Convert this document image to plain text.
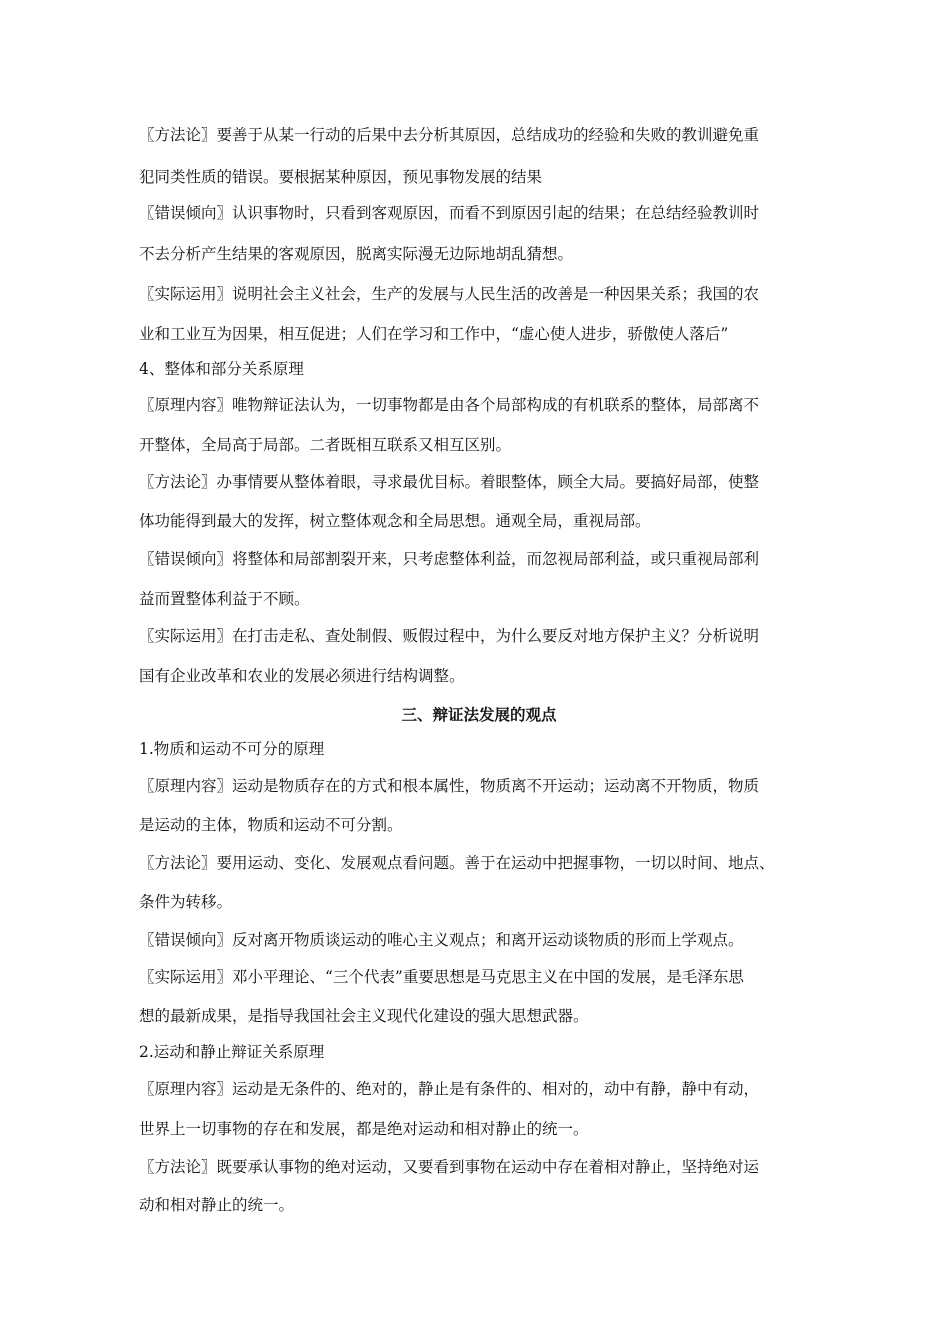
〖方法论〗要善于从某一行动的后果中去分析其原因，总结成功的经验和失败的教训避免重
犯同类性质的错误。要根据某种原因，预见事物发展的结果
〖错误倾向〗认识事物时，只看到客观原因，而看不到原因引起的结果；在总结经验教训时
不去分析产生结果的客观原因，脱离实际漫无边际地胡乱猜想。
〖实际运用〗说明社会主义社会，生产的发展与人民生活的改善是一种因果关系；我国的农
业和工业互为因果，相互促进；人们在学习和工作中，“虚心使人进步，骄傲使人落后”
4、整体和部分关系原理
〖原理内容〗唯物辩证法认为，一切事物都是由各个局部构成的有机联系的整体，局部离不
开整体，全局高于局部。二者既相互联系又相互区别。
〖方法论〗办事情要从整体着眼，寻求最优目标。着眼整体，顾全大局。要搞好局部，使整
体功能得到最大的发挥，树立整体观念和全局思想。通观全局，重视局部。
〖错误倾向〗将整体和局部割裂开来，只考虑整体利益，而忽视局部利益，或只重视局部利
益而置整体利益于不顾。
〖实际运用〗在打击走私、查处制假、贩假过程中，为什么要反对地方保护主义？分析说明
国有企业改革和农业的发展必须进行结构调整。
三、辩证法发展的观点
1.物质和运动不可分的原理
〖原理内容〗运动是物质存在的方式和根本属性，物质离不开运动；运动离不开物质，物质
是运动的主体，物质和运动不可分割。
〖方法论〗要用运动、变化、发展观点看问题。善于在运动中把握事物，一切以时间、地点、
条件为转移。
〖错误倾向〗反对离开物质谈运动的唯心主义观点；和离开运动谈物质的形而上学观点。
〖实际运用〗邓小平理论、“三个代表”重要思想是马克思主义在中国的发展，是毛泽东思
想的最新成果，是指导我国社会主义现代化建设的强大思想武器。
2.运动和静止辩证关系原理
〖原理内容〗运动是无条件的、绝对的，静止是有条件的、相对的，动中有静，静中有动，
世界上一切事物的存在和发展，都是绝对运动和相对静止的统一。
〖方法论〗既要承认事物的绝对运动，又要看到事物在运动中存在着相对静止，坚持绝对运
动和相对静止的统一。
